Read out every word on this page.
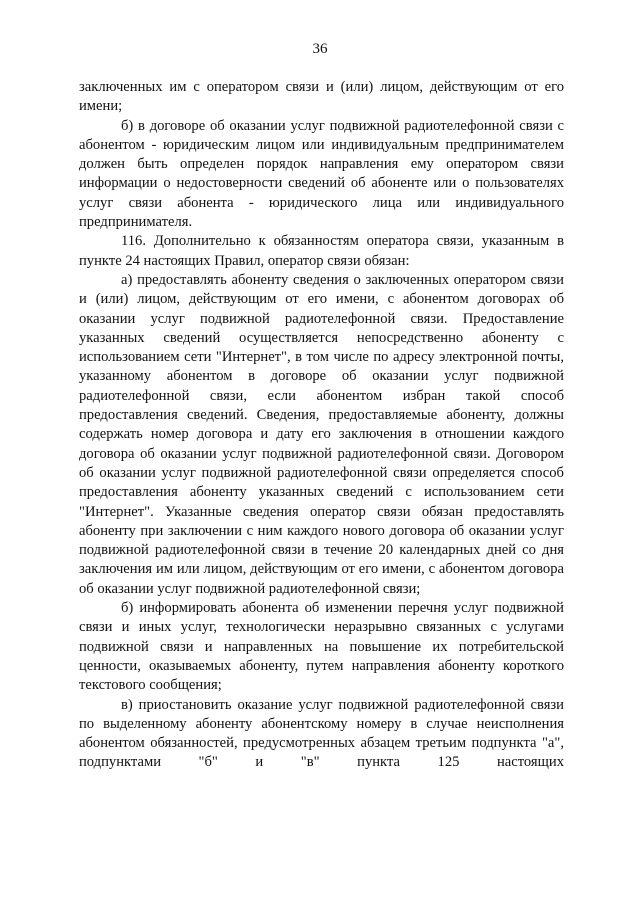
36

заключенных им с оператором связи и (или) лицом, действующим от его имени;

б) в договоре об оказании услуг подвижной радиотелефонной связи с абонентом - юридическим лицом или индивидуальным предпринимателем должен быть определен порядок направления ему оператором связи информации о недостоверности сведений об абоненте или о пользователях услуг связи абонента - юридического лица или индивидуального предпринимателя.

116. Дополнительно к обязанностям оператора связи, указанным в пункте 24 настоящих Правил, оператор связи обязан:

а) предоставлять абоненту сведения о заключенных оператором связи и (или) лицом, действующим от его имени, с абонентом договорах об оказании услуг подвижной радиотелефонной связи. Предоставление указанных сведений осуществляется непосредственно абоненту с использованием сети "Интернет", в том числе по адресу электронной почты, указанному абонентом в договоре об оказании услуг подвижной радиотелефонной связи, если абонентом избран такой способ предоставления сведений. Сведения, предоставляемые абоненту, должны содержать номер договора и дату его заключения в отношении каждого договора об оказании услуг подвижной радиотелефонной связи. Договором об оказании услуг подвижной радиотелефонной связи определяется способ предоставления абоненту указанных сведений с использованием сети "Интернет". Указанные сведения оператор связи обязан предоставлять абоненту при заключении с ним каждого нового договора об оказании услуг подвижной радиотелефонной связи в течение 20 календарных дней со дня заключения им или лицом, действующим от его имени, с абонентом договора об оказании услуг подвижной радиотелефонной связи;

б) информировать абонента об изменении перечня услуг подвижной связи и иных услуг, технологически неразрывно связанных с услугами подвижной связи и направленных на повышение их потребительской ценности, оказываемых абоненту, путем направления абоненту короткого текстового сообщения;

в) приостановить оказание услуг подвижной радиотелефонной связи по выделенному абоненту абонентскому номеру в случае неисполнения абонентом обязанностей, предусмотренных абзацем третьим подпункта "а", подпунктами "б" и "в" пункта 125 настоящих
